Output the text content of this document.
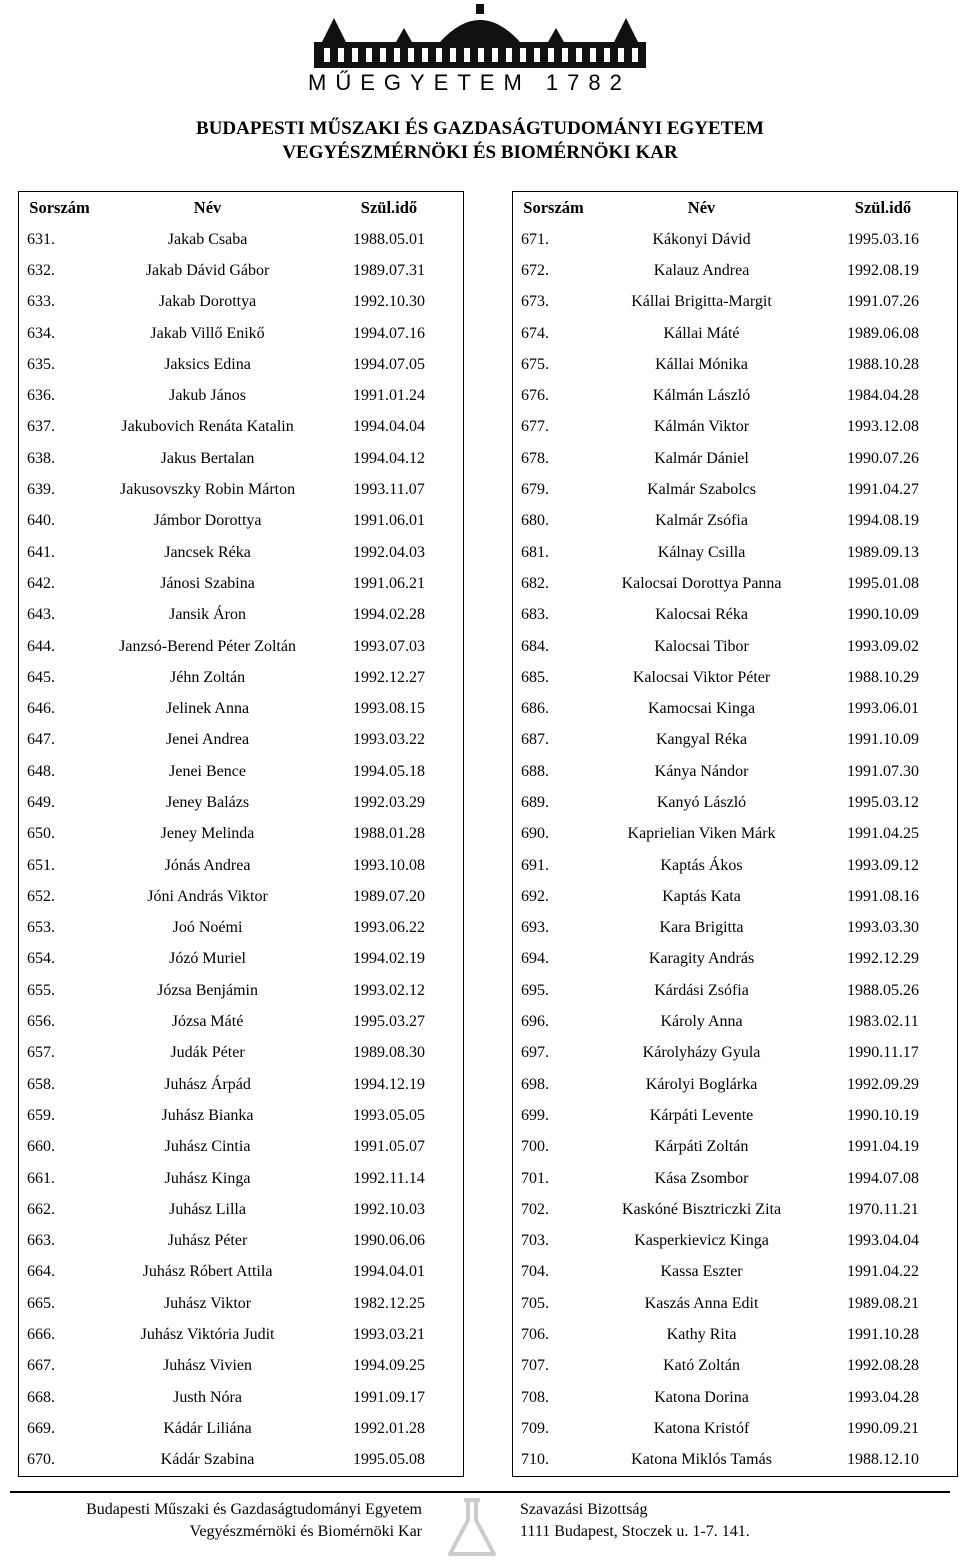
MŰEGYETEM 1782
BUDAPESTI MŰSZAKI ÉS GAZDASÁGTUDOMÁNYI EGYETEM
VEGYÉSZMÉRNÖKI ÉS BIOMÉRNÖKI KAR
Sorszám	Név	Szül.idő
631.	Jakab Csaba	1988.05.01
632.	Jakab Dávid Gábor	1989.07.31
633.	Jakab Dorottya	1992.10.30
634.	Jakab Villő Enikő	1994.07.16
635.	Jaksics Edina	1994.07.05
636.	Jakub János	1991.01.24
637.	Jakubovich Renáta Katalin	1994.04.04
638.	Jakus Bertalan	1994.04.12
639.	Jakusovszky Robin Márton	1993.11.07
640.	Jámbor Dorottya	1991.06.01
641.	Jancsek Réka	1992.04.03
642.	Jánosi Szabina	1991.06.21
643.	Jansik Áron	1994.02.28
644.	Janzsó-Berend Péter Zoltán	1993.07.03
645.	Jéhn Zoltán	1992.12.27
646.	Jelinek Anna	1993.08.15
647.	Jenei Andrea	1993.03.22
648.	Jenei Bence	1994.05.18
649.	Jeney Balázs	1992.03.29
650.	Jeney Melinda	1988.01.28
651.	Jónás Andrea	1993.10.08
652.	Jóni András Viktor	1989.07.20
653.	Joó Noémi	1993.06.22
654.	Józó Muriel	1994.02.19
655.	Józsa Benjámin	1993.02.12
656.	Józsa Máté	1995.03.27
657.	Judák Péter	1989.08.30
658.	Juhász Árpád	1994.12.19
659.	Juhász Bianka	1993.05.05
660.	Juhász Cintia	1991.05.07
661.	Juhász Kinga	1992.11.14
662.	Juhász Lilla	1992.10.03
663.	Juhász Péter	1990.06.06
664.	Juhász Róbert Attila	1994.04.01
665.	Juhász Viktor	1982.12.25
666.	Juhász Viktória Judit	1993.03.21
667.	Juhász Vivien	1994.09.25
668.	Justh Nóra	1991.09.17
669.	Kádár Liliána	1992.01.28
670.	Kádár Szabina	1995.05.08
Sorszám	Név	Szül.idő
671.	Kákonyi Dávid	1995.03.16
672.	Kalauz Andrea	1992.08.19
673.	Kállai Brigitta-Margit	1991.07.26
674.	Kállai Máté	1989.06.08
675.	Kállai Mónika	1988.10.28
676.	Kálmán László	1984.04.28
677.	Kálmán Viktor	1993.12.08
678.	Kalmár Dániel	1990.07.26
679.	Kalmár Szabolcs	1991.04.27
680.	Kalmár Zsófia	1994.08.19
681.	Kálnay Csilla	1989.09.13
682.	Kalocsai Dorottya Panna	1995.01.08
683.	Kalocsai Réka	1990.10.09
684.	Kalocsai Tibor	1993.09.02
685.	Kalocsai Viktor Péter	1988.10.29
686.	Kamocsai Kinga	1993.06.01
687.	Kangyal Réka	1991.10.09
688.	Kánya Nándor	1991.07.30
689.	Kanyó László	1995.03.12
690.	Kaprielian Viken Márk	1991.04.25
691.	Kaptás Ákos	1993.09.12
692.	Kaptás Kata	1991.08.16
693.	Kara Brigitta	1993.03.30
694.	Karagity András	1992.12.29
695.	Kárdási Zsófia	1988.05.26
696.	Károly Anna	1983.02.11
697.	Károlyházy Gyula	1990.11.17
698.	Károlyi Boglárka	1992.09.29
699.	Kárpáti Levente	1990.10.19
700.	Kárpáti Zoltán	1991.04.19
701.	Kása Zsombor	1994.07.08
702.	Kaskóné Bisztriczki Zita	1970.11.21
703.	Kasperkievicz Kinga	1993.04.04
704.	Kassa Eszter	1991.04.22
705.	Kaszás Anna Edit	1989.08.21
706.	Kathy Rita	1991.10.28
707.	Kató Zoltán	1992.08.28
708.	Katona Dorina	1993.04.28
709.	Katona Kristóf	1990.09.21
710.	Katona Miklós Tamás	1988.12.10
Budapesti Műszaki és Gazdaságtudományi Egyetem
Vegyészmérnöki és Biomérnöki Kar
Szavazási Bizottság
1111 Budapest, Stoczek u. 1-7. 141.
